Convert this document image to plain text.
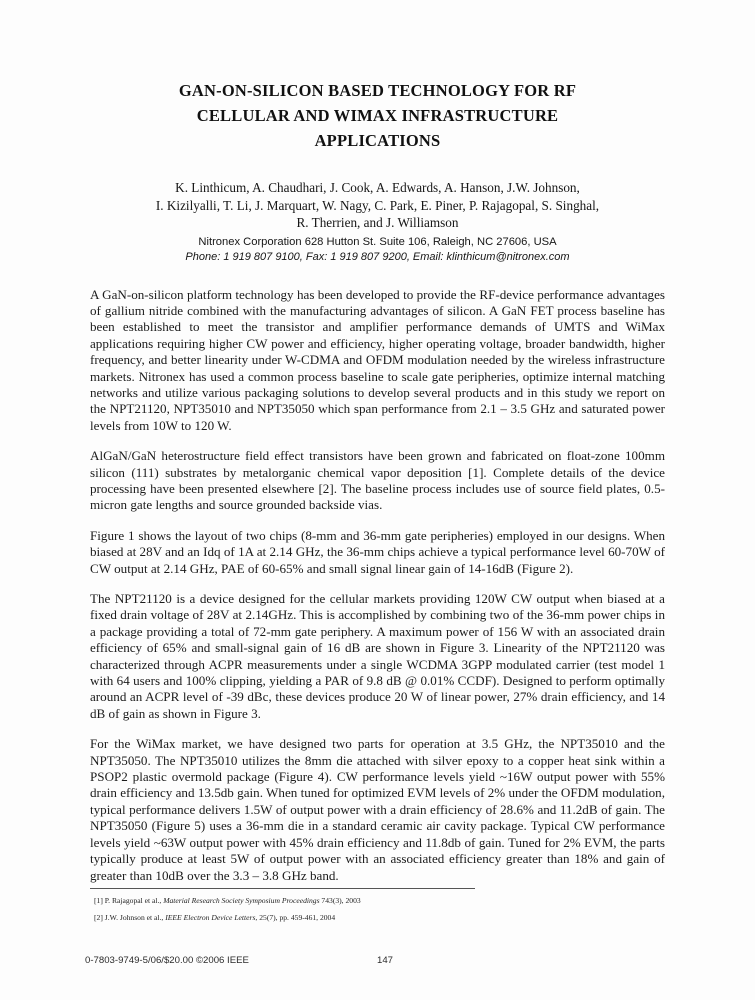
GAN-ON-SILICON BASED TECHNOLOGY FOR RF
CELLULAR AND WIMAX INFRASTRUCTURE
APPLICATIONS
K. Linthicum, A. Chaudhari, J. Cook, A. Edwards, A. Hanson, J.W. Johnson,
I. Kizilyalli, T. Li, J. Marquart, W. Nagy, C. Park, E. Piner, P. Rajagopal, S. Singhal,
R. Therrien, and J. Williamson
Nitronex Corporation 628 Hutton St. Suite 106, Raleigh, NC 27606, USA
Phone: 1 919 807 9100, Fax: 1 919 807 9200, Email: klinthicum@nitronex.com

A GaN-on-silicon platform technology has been developed to provide the RF-device performance advantages of gallium nitride combined with the manufacturing advantages of silicon. A GaN FET process baseline has been established to meet the transistor and amplifier performance demands of UMTS and WiMax applications requiring higher CW power and efficiency, higher operating voltage, broader bandwidth, higher frequency, and better linearity under W-CDMA and OFDM modulation needed by the wireless infrastructure markets. Nitronex has used a common process baseline to scale gate peripheries, optimize internal matching networks and utilize various packaging solutions to develop several products and in this study we report on the NPT21120, NPT35010 and NPT35050 which span performance from 2.1 – 3.5 GHz and saturated power levels from 10W to 120 W.

AlGaN/GaN heterostructure field effect transistors have been grown and fabricated on float-zone 100mm silicon (111) substrates by metalorganic chemical vapor deposition [1]. Complete details of the device processing have been presented elsewhere [2]. The baseline process includes use of source field plates, 0.5-micron gate lengths and source grounded backside vias.

Figure 1 shows the layout of two chips (8-mm and 36-mm gate peripheries) employed in our designs. When biased at 28V and an Idq of 1A at 2.14 GHz, the 36-mm chips achieve a typical performance level 60-70W of CW output at 2.14 GHz, PAE of 60-65% and small signal linear gain of 14-16dB (Figure 2).

The NPT21120 is a device designed for the cellular markets providing 120W CW output when biased at a fixed drain voltage of 28V at 2.14GHz. This is accomplished by combining two of the 36-mm power chips in a package providing a total of 72-mm gate periphery. A maximum power of 156 W with an associated drain efficiency of 65% and small-signal gain of 16 dB are shown in Figure 3. Linearity of the NPT21120 was characterized through ACPR measurements under a single WCDMA 3GPP modulated carrier (test model 1 with 64 users and 100% clipping, yielding a PAR of 9.8 dB @ 0.01% CCDF). Designed to perform optimally around an ACPR level of -39 dBc, these devices produce 20 W of linear power, 27% drain efficiency, and 14 dB of gain as shown in Figure 3.

For the WiMax market, we have designed two parts for operation at 3.5 GHz, the NPT35010 and the NPT35050. The NPT35010 utilizes the 8mm die attached with silver epoxy to a copper heat sink within a PSOP2 plastic overmold package (Figure 4). CW performance levels yield ~16W output power with 55% drain efficiency and 13.5db gain. When tuned for optimized EVM levels of 2% under the OFDM modulation, typical performance delivers 1.5W of output power with a drain efficiency of 28.6% and 11.2dB of gain. The NPT35050 (Figure 5) uses a 36-mm die in a standard ceramic air cavity package. Typical CW performance levels yield ~63W output power with 45% drain efficiency and 11.8db of gain. Tuned for 2% EVM, the parts typically produce at least 5W of output power with an associated efficiency greater than 18% and gain of greater than 10dB over the 3.3 – 3.8 GHz band.

[1] P. Rajagopal et al., Material Research Society Symposium Proceedings 743(3), 2003
[2] J.W. Johnson et al., IEEE Electron Device Letters, 25(7), pp. 459-461, 2004
0-7803-9749-5/06/$20.00 ©2006 IEEE	147
